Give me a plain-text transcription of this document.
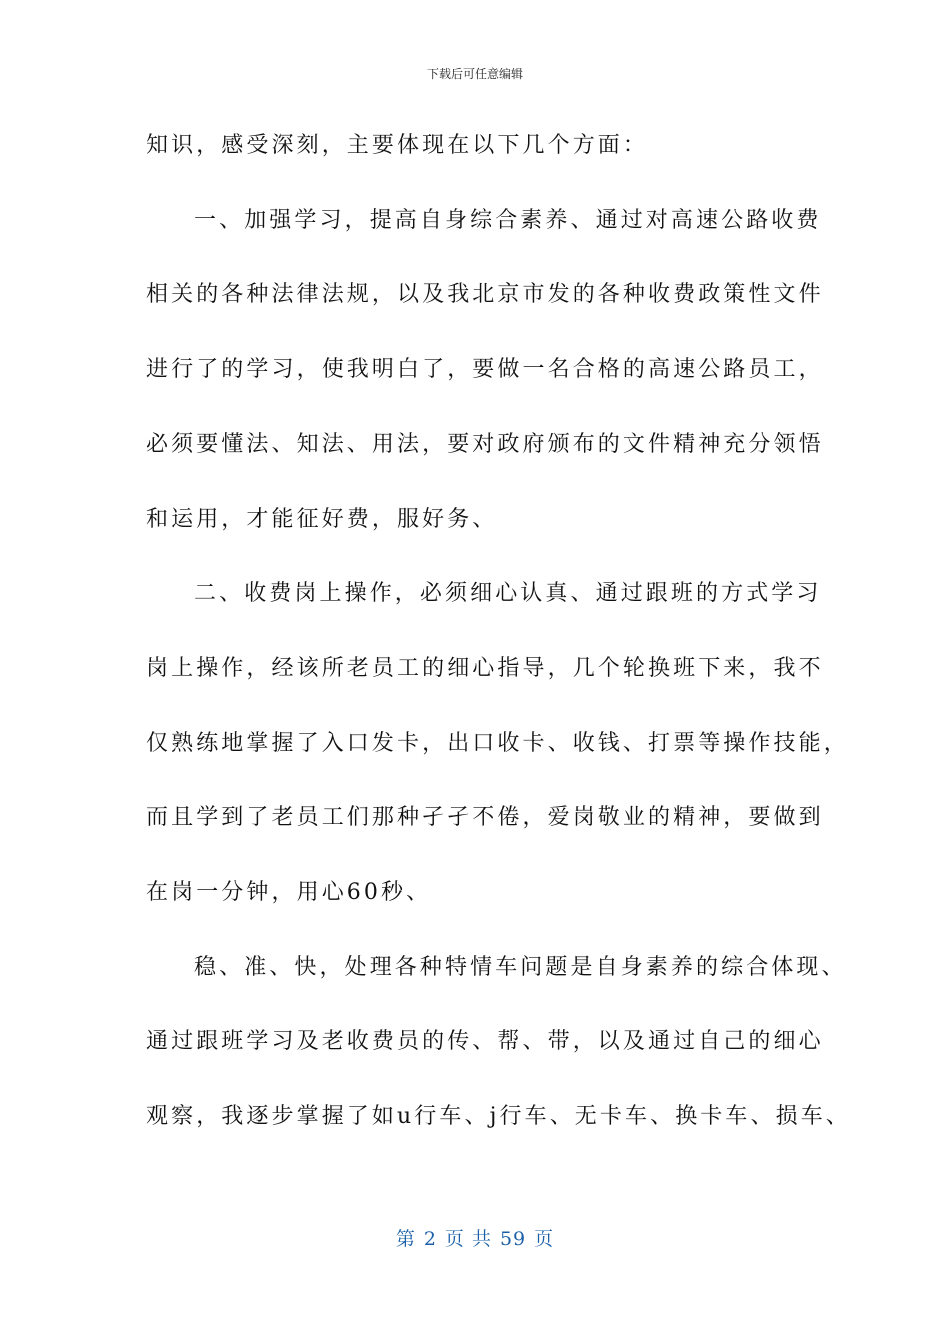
下载后可任意编辑
知识，感受深刻，主要体现在以下几个方面：
一、加强学习，提高自身综合素养、通过对高速公路收费
相关的各种法律法规，以及我北京市发的各种收费政策性文件
进行了的学习，使我明白了，要做一名合格的高速公路员工，
必须要懂法、知法、用法，要对政府颁布的文件精神充分领悟
和运用，才能征好费，服好务、
二、收费岗上操作，必须细心认真、通过跟班的方式学习
岗上操作，经该所老员工的细心指导，几个轮换班下来，我不
仅熟练地掌握了入口发卡，出口收卡、收钱、打票等操作技能，
而且学到了老员工们那种孑孑不倦，爱岗敬业的精神，要做到
在岗一分钟，用心60秒、
稳、准、快，处理各种特情车问题是自身素养的综合体现、
通过跟班学习及老收费员的传、帮、带，以及通过自己的细心
观察，我逐步掌握了如u行车、j行车、无卡车、换卡车、损车、
第 2 页 共 59 页
